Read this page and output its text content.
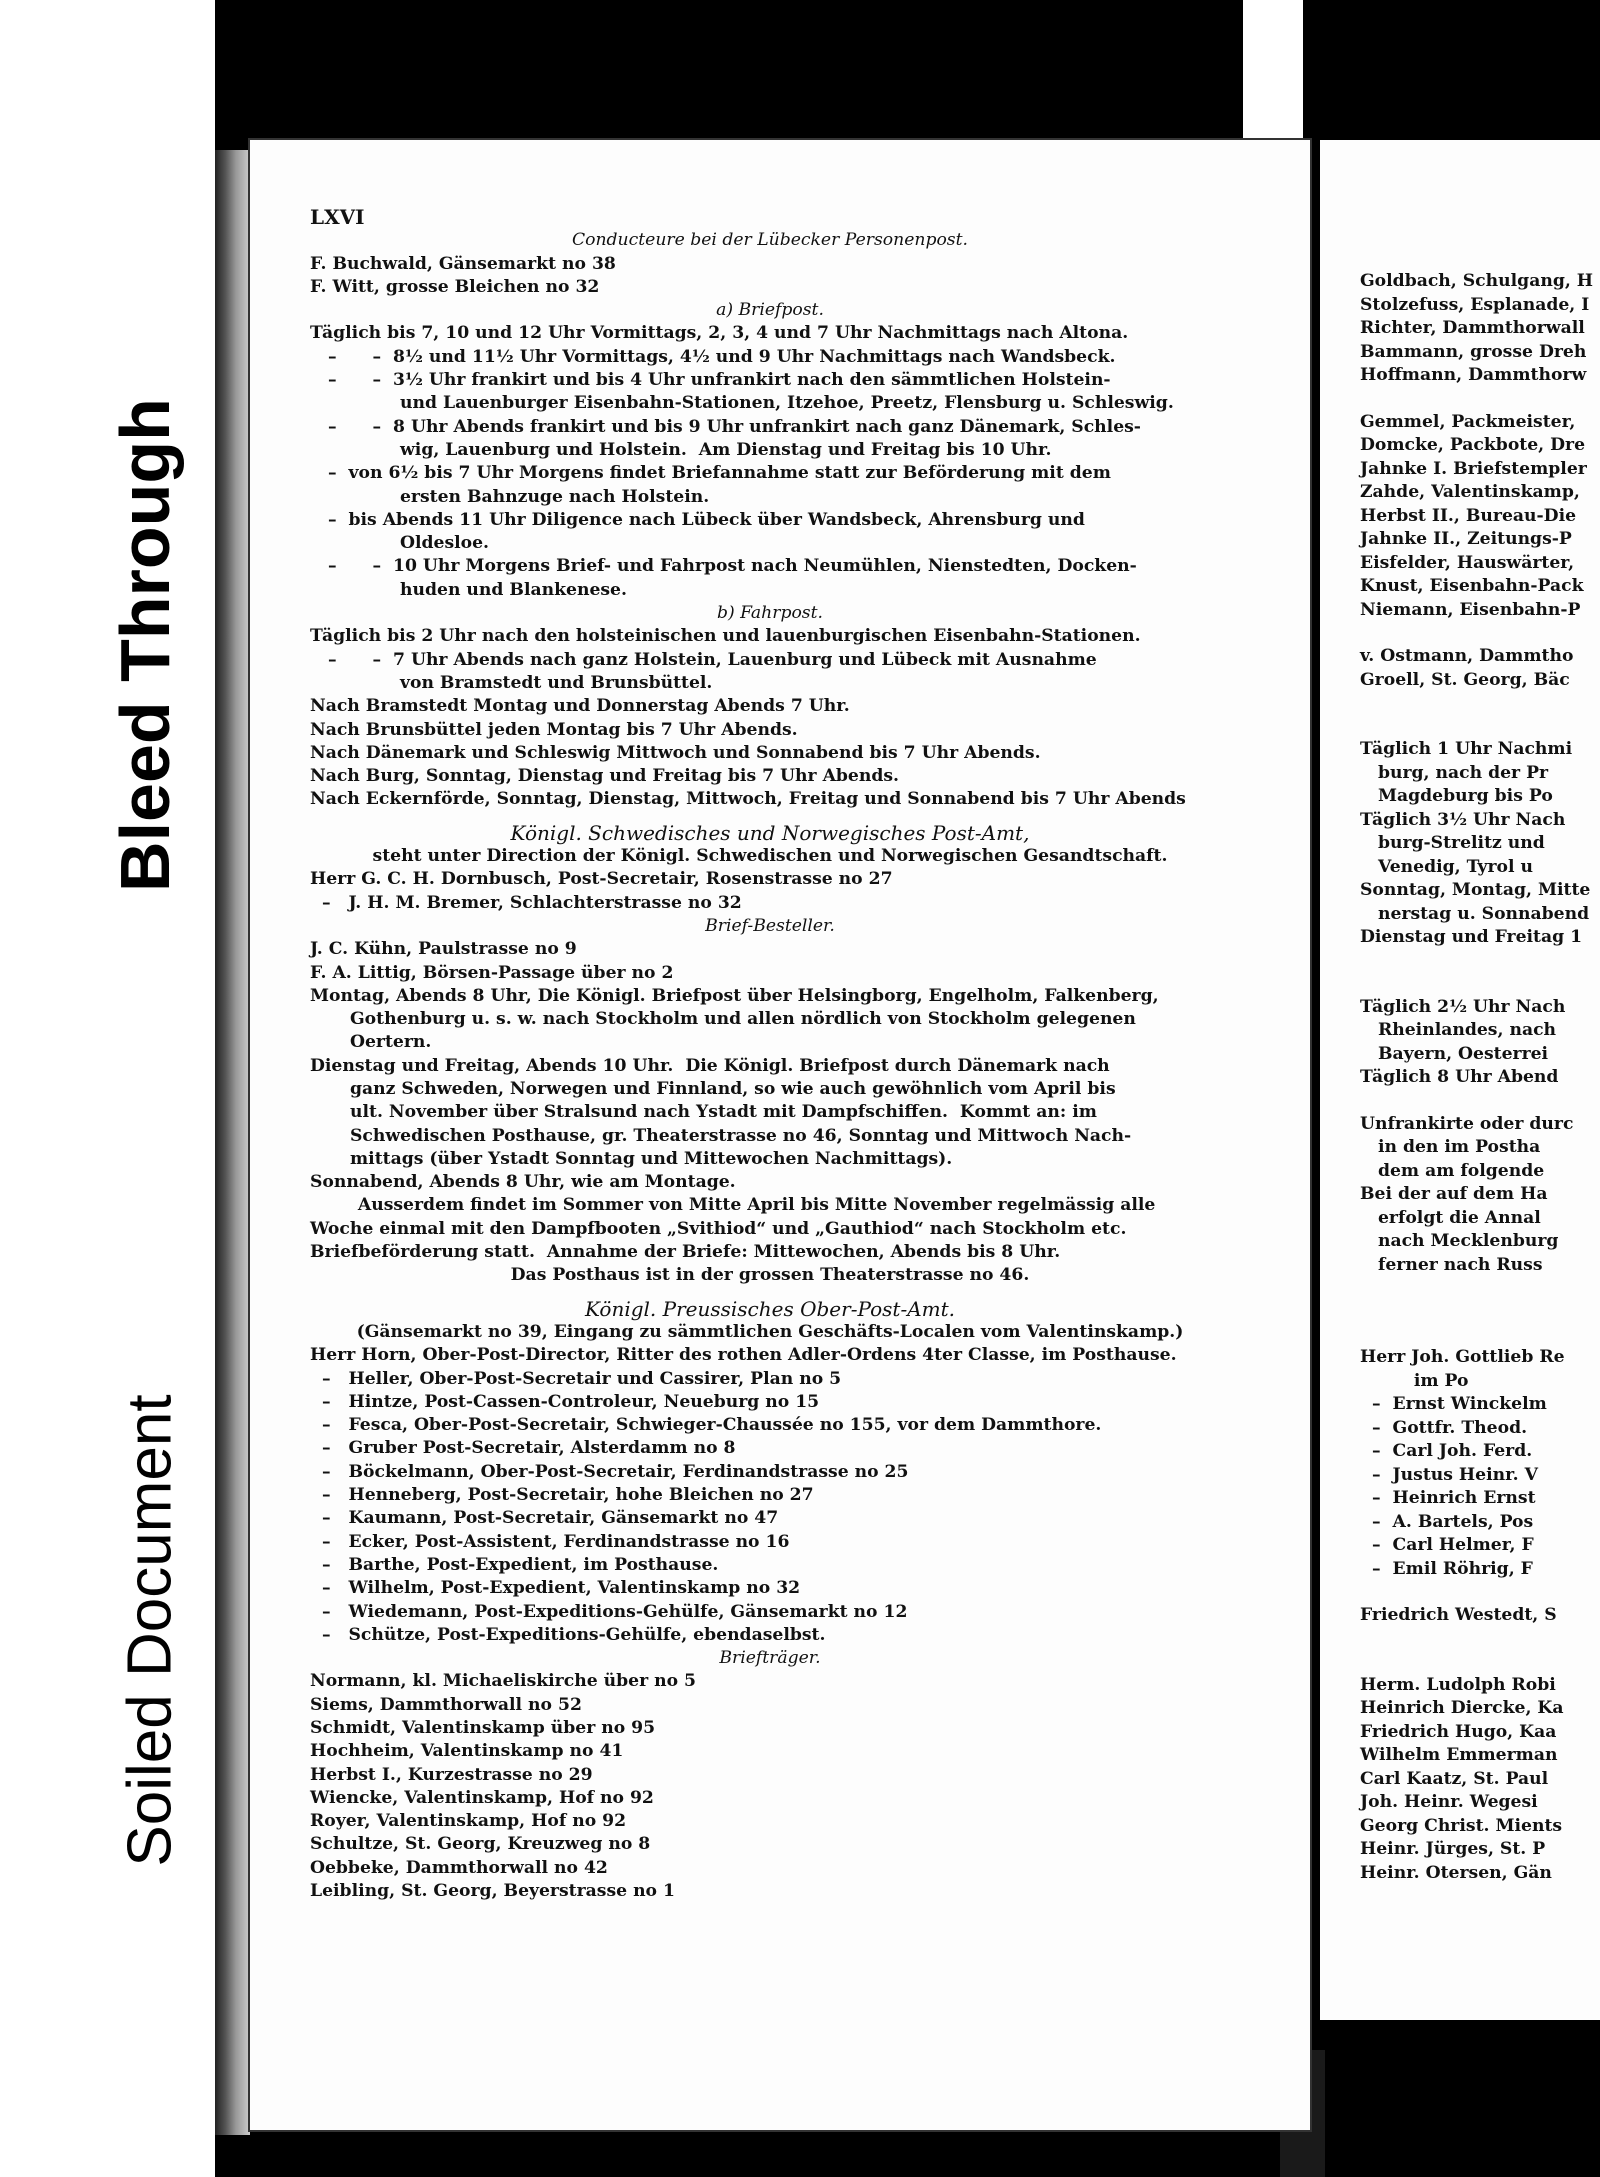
Bleed Through
Soiled Document
LXVI
Conducteure bei der Lübecker Personenpost.
F. Buchwald, Gänsemarkt no 38
F. Witt, grosse Bleichen no 32
a) Briefpost.
Täglich bis 7, 10 und 12 Uhr Vormittags, 2, 3, 4 und 7 Uhr Nachmittags nach Altona.
–      –  8½ und 11½ Uhr Vormittags, 4½ und 9 Uhr Nachmittags nach Wandsbeck.
–      –  3½ Uhr frankirt und bis 4 Uhr unfrankirt nach den sämmtlichen Holstein-
und Lauenburger Eisenbahn-Stationen, Itzehoe, Preetz, Flensburg u. Schleswig.
–      –  8 Uhr Abends frankirt und bis 9 Uhr unfrankirt nach ganz Dänemark, Schles-
wig, Lauenburg und Holstein.  Am Dienstag und Freitag bis 10 Uhr.
–  von 6½ bis 7 Uhr Morgens findet Briefannahme statt zur Beförderung mit dem
ersten Bahnzuge nach Holstein.
–  bis Abends 11 Uhr Diligence nach Lübeck über Wandsbeck, Ahrensburg und
Oldesloe.
–      –  10 Uhr Morgens Brief- und Fahrpost nach Neumühlen, Nienstedten, Docken-
huden und Blankenese.
b) Fahrpost.
Täglich bis 2 Uhr nach den holsteinischen und lauenburgischen Eisenbahn-Stationen.
–      –  7 Uhr Abends nach ganz Holstein, Lauenburg und Lübeck mit Ausnahme
von Bramstedt und Brunsbüttel.
Nach Bramstedt Montag und Donnerstag Abends 7 Uhr.
Nach Brunsbüttel jeden Montag bis 7 Uhr Abends.
Nach Dänemark und Schleswig Mittwoch und Sonnabend bis 7 Uhr Abends.
Nach Burg, Sonntag, Dienstag und Freitag bis 7 Uhr Abends.
Nach Eckernförde, Sonntag, Dienstag, Mittwoch, Freitag und Sonnabend bis 7 Uhr Abends
Königl. Schwedisches und Norwegisches Post-Amt,
steht unter Direction der Königl. Schwedischen und Norwegischen Gesandtschaft.
Herr G. C. H. Dornbusch, Post-Secretair, Rosenstrasse no 27
–   J. H. M. Bremer, Schlachterstrasse no 32
Brief-Besteller.
J. C. Kühn, Paulstrasse no 9
F. A. Littig, Börsen-Passage über no 2
Montag, Abends 8 Uhr, Die Königl. Briefpost über Helsingborg, Engelholm, Falkenberg,
Gothenburg u. s. w. nach Stockholm und allen nördlich von Stockholm gelegenen
Oertern.
Dienstag und Freitag, Abends 10 Uhr.  Die Königl. Briefpost durch Dänemark nach
ganz Schweden, Norwegen und Finnland, so wie auch gewöhnlich vom April bis
ult. November über Stralsund nach Ystadt mit Dampfschiffen.  Kommt an: im
Schwedischen Posthause, gr. Theaterstrasse no 46, Sonntag und Mittwoch Nach-
mittags (über Ystadt Sonntag und Mittewochen Nachmittags).
Sonnabend, Abends 8 Uhr, wie am Montage.
Ausserdem findet im Sommer von Mitte April bis Mitte November regelmässig alle
Woche einmal mit den Dampfbooten „Svithiod“ und „Gauthiod“ nach Stockholm etc.
Briefbeförderung statt.  Annahme der Briefe: Mittewochen, Abends bis 8 Uhr.
Das Posthaus ist in der grossen Theaterstrasse no 46.
Königl. Preussisches Ober-Post-Amt.
(Gänsemarkt no 39, Eingang zu sämmtlichen Geschäfts-Localen vom Valentinskamp.)
Herr Horn, Ober-Post-Director, Ritter des rothen Adler-Ordens 4ter Classe, im Posthause.
–   Heller, Ober-Post-Secretair und Cassirer, Plan no 5
–   Hintze, Post-Cassen-Controleur, Neueburg no 15
–   Fesca, Ober-Post-Secretair, Schwieger-Chaussée no 155, vor dem Dammthore.
–   Gruber Post-Secretair, Alsterdamm no 8
–   Böckelmann, Ober-Post-Secretair, Ferdinandstrasse no 25
–   Henneberg, Post-Secretair, hohe Bleichen no 27
–   Kaumann, Post-Secretair, Gänsemarkt no 47
–   Ecker, Post-Assistent, Ferdinandstrasse no 16
–   Barthe, Post-Expedient, im Posthause.
–   Wilhelm, Post-Expedient, Valentinskamp no 32
–   Wiedemann, Post-Expeditions-Gehülfe, Gänsemarkt no 12
–   Schütze, Post-Expeditions-Gehülfe, ebendaselbst.
Briefträger.
Normann, kl. Michaeliskirche über no 5
Siems, Dammthorwall no 52
Schmidt, Valentinskamp über no 95
Hochheim, Valentinskamp no 41
Herbst I., Kurzestrasse no 29
Wiencke, Valentinskamp, Hof no 92
Royer, Valentinskamp, Hof no 92
Schultze, St. Georg, Kreuzweg no 8
Oebbeke, Dammthorwall no 42
Leibling, St. Georg, Beyerstrasse no 1
Goldbach, Schulgang, H
Stolzefuss, Esplanade, I
Richter, Dammthorwall
Bammann, grosse Dreh
Hoffmann, Dammthorw
Gemmel, Packmeister,
Domcke, Packbote, Dre
Jahnke I. Briefstempler
Zahde, Valentinskamp,
Herbst II., Bureau-Die
Jahnke II., Zeitungs-P
Eisfelder, Hauswärter,
Knust, Eisenbahn-Pack
Niemann, Eisenbahn-P
v. Ostmann, Dammtho
Groell, St. Georg, Bäc
Täglich 1 Uhr Nachmi
burg, nach der Pr
Magdeburg bis Po
Täglich 3½ Uhr Nach
burg-Strelitz und
Venedig, Tyrol u
Sonntag, Montag, Mitte
nerstag u. Sonnabend
Dienstag und Freitag 1
Täglich 2½ Uhr Nach
Rheinlandes, nach
Bayern, Oesterrei
Täglich 8 Uhr Abend
Unfrankirte oder durc
in den im Postha
dem am folgende
Bei der auf dem Ha
erfolgt die Annal
nach Mecklenburg
ferner nach Russ
Herr Joh. Gottlieb Re
im Po
–  Ernst Winckelm
–  Gottfr. Theod.
–  Carl Joh. Ferd.
–  Justus Heinr. V
–  Heinrich Ernst
–  A. Bartels, Pos
–  Carl Helmer, F
–  Emil Röhrig, F
Friedrich Westedt, S
Herm. Ludolph Robi
Heinrich Diercke, Ka
Friedrich Hugo, Kaa
Wilhelm Emmerman
Carl Kaatz, St. Paul
Joh. Heinr. Wegesi
Georg Christ. Mients
Heinr. Jürges, St. P
Heinr. Otersen, Gän
